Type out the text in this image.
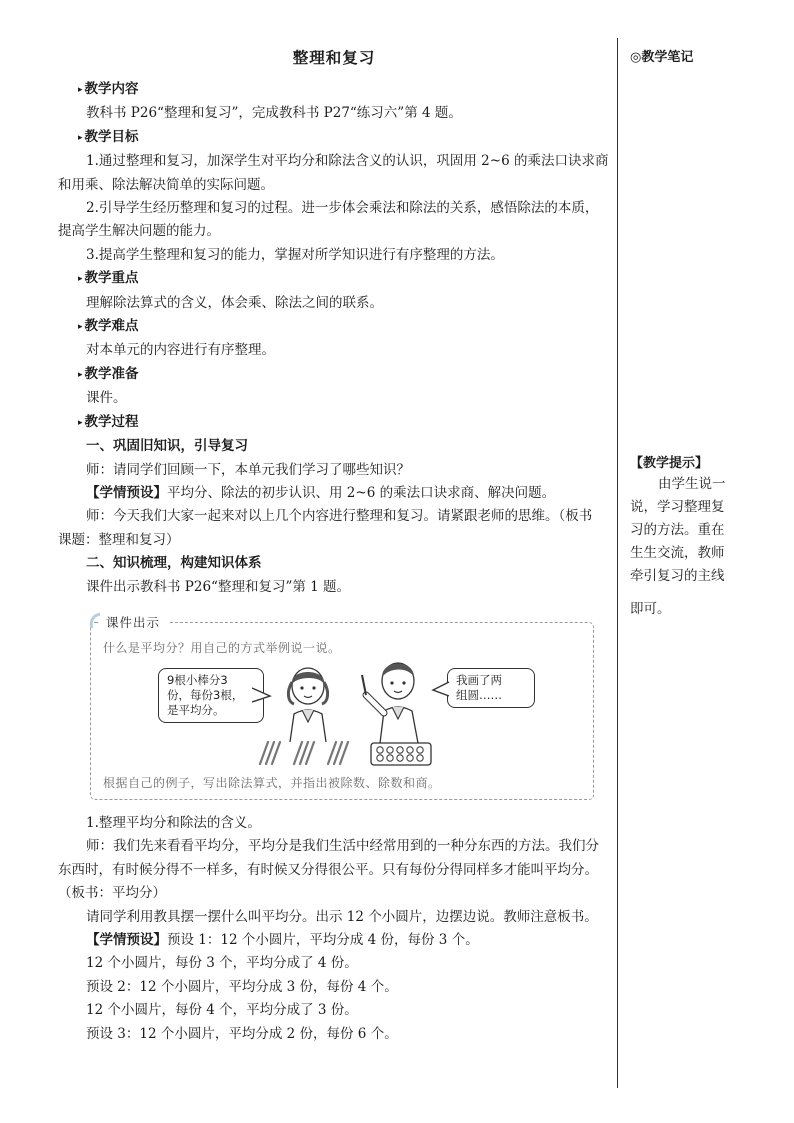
◎教学笔记
整理和复习

▸ 教学内容

教科书 P26“整理和复习”，完成教科书 P27“练习六”第 4 题。

▸ 教学目标

1.通过整理和复习，加深学生对平均分和除法含义的认识，巩固用 2~6 的乘法口诀求商

和用乘、除法解决简单的实际问题。

2.引导学生经历整理和复习的过程。进一步体会乘法和除法的关系，感悟除法的本质，

提高学生解决问题的能力。

3.提高学生整理和复习的能力，掌握对所学知识进行有序整理的方法。

▸ 教学重点

理解除法算式的含义，体会乘、除法之间的联系。

▸ 教学难点

对本单元的内容进行有序整理。

▸ 教学准备

课件。

▸ 教学过程

一、巩固旧知识，引导复习

师：请同学们回顾一下，本单元我们学习了哪些知识？

【学情预设】平均分、除法的初步认识、用 2~6 的乘法口诀求商、解决问题。

师：今天我们大家一起来对以上几个内容进行整理和复习。请紧跟老师的思维。（板书

课题：整理和复习）

二、知识梳理，构建知识体系

课件出示教科书 P26“整理和复习”第 1 题。

【教学提示】
由学生说一
说，学习整理复
习的方法。重在
生生交流，教师
牵引复习的主线
即可。
课件出示
什么是平均分？用自己的方式举例说一说。
9根小棒分3
份，每份3根，
是平均分。
我画了两
组圆……
根据自己的例子，写出除法算式，并指出被除数、除数和商。

1.整理平均分和除法的含义。

师：我们先来看看平均分，平均分是我们生活中经常用到的一种分东西的方法。我们分

东西时，有时候分得不一样多，有时候又分得很公平。只有每份分得同样多才能叫平均分。

（板书：平均分）

请同学利用教具摆一摆什么叫平均分。出示 12 个小圆片，边摆边说。教师注意板书。

【学情预设】预设 1：12 个小圆片，平均分成 4 份，每份 3 个。

12 个小圆片，每份 3 个，平均分成了 4 份。

预设 2：12 个小圆片，平均分成 3 份，每份 4 个。

12 个小圆片，每份 4 个，平均分成了 3 份。

预设 3：12 个小圆片，平均分成 2 份，每份 6 个。
